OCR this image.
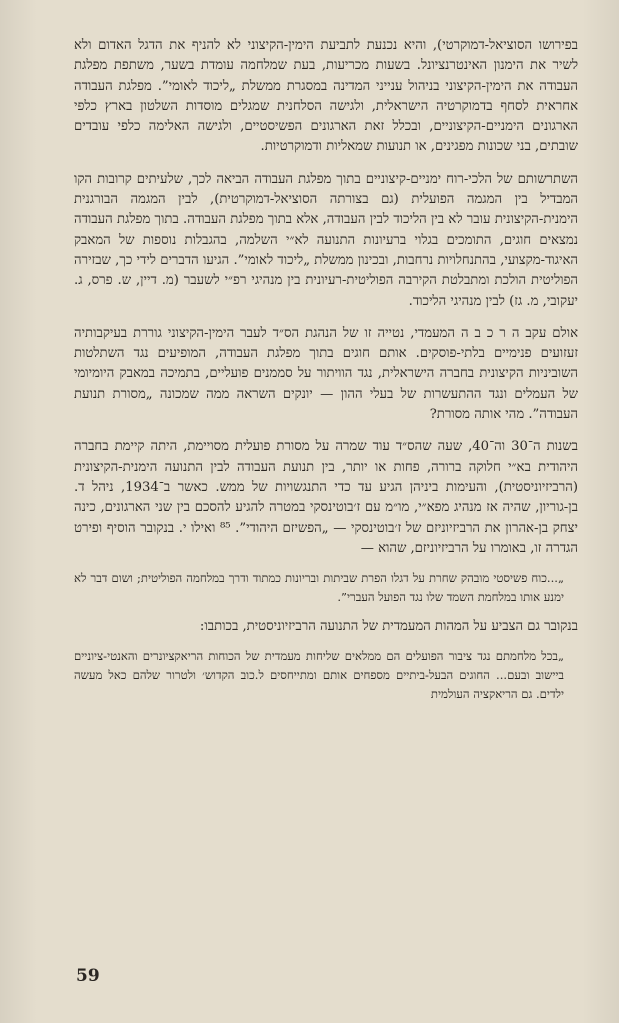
בפירושו הסוציאל-דמוקרטי), והיא נכנעת לתביעת הימין-הקיצוני לא להניף את הדגל האדום ולא לשיר את הימנון האינטרנציונל. בשעות מכריעות, בעת שמלחמה עומדת בשער, משתפת מפלגת העבודה את הימין-הקיצוני בניהול ענייני המדינה במסגרת ממשלת „ליכוד לאומי”. מפלגת העבודה אחראית לסחף בדמוקרטיה הישראלית, ולגישה הסלחנית שמגלים מוסדות השלטון בארץ כלפי הארגונים הימניים-הקיצוניים, ובכלל זאת הארגונים הפשיסטיים, ולגישה האלימה כלפי עובדים שובתים, בני שכונות מפגינים, או תנועות שמאליות ודמוקרטיות.

השתרשותם של הלכי-רוח ימניים-קיצוניים בתוך מפלגת העבודה הביאה לכך, שלעיתים קרובות הקו המבדיל בין המגמה הפועלית (גם בצורתה הסוציאל-דמוקרטית), לבין המגמה הבורגנית הימנית-הקיצונית עובר לא בין הליכוד לבין העבודה, אלא בתוך מפלגת העבודה. בתוך מפלגת העבודה נמצאים חוגים, התומכים בגלוי ברעיונות התנועה לא״י השלמה, בהגבלות נוספות של המאבק האיגוד-מקצועי, בהתנחלויות נרחבות, ובכינון ממשלת „ליכוד לאומי”. הגיעו הדברים לידי כך, שבזירה הפוליטית הולכת ומתבלטת הקירבה הפוליטית-רעיונית בין מנהיגי רפ״י לשעבר (מ. דיין, ש. פרס, ג. יעקובי, מ. גז) לבין מנהיגי הליכוד.

אולם עקב ה ר כ ב ה המעמדי, נטייה זו של הנהגת הס״ד לעבר הימין-הקיצוני גוררת בעיקבותיה זעזועים פנימיים בלתי-פוסקים. אותם חוגים בתוך מפלגת העבודה, המופיעים נגד השתלטות השוביניות הקיצונית בחברה הישראלית, נגד הוויתור על סממנים פועליים, בתמיכה במאבק היומיומי של העמלים ונגד ההתעשרות של בעלי ההון — יונקים השראה ממה שמכונה „מסורת תנועת העבודה”. מהי אותה מסורת?

בשנות ה־30 וה־40, שעה שהס״ד עוד שמרה על מסורת פועלית מסויימת, היתה קיימת בחברה היהודית בא״י חלוקה ברורה, פחות או יותר, בין תנועת העבודה לבין התנועה הימנית-הקיצונית (הרביזיוניסטית), והעימות ביניהן הגיע עד כדי התנגשויות של ממש. כאשר ב־1934, ניהל ד. בן-גוריון, שהיה אז מנהיג מפא״י, מו״מ עם ז׳בוטינסקי במטרה להגיע להסכם בין שני הארגונים, כינה יצחק בן-אהרון את הרביזיוניזם של ז׳בוטינסקי — „הפשיזם היהודי”. ⁸⁵ ואילו י. בנקובר הוסיף ופירט הגדרה זו, באומרו על הרביזיוניזם, שהוא —

„...כוח פשיסטי מובהק שחרת על דגלו הפרת שביתות ובריונות כמתוד ודרך במלחמה הפוליטית; ושום דבר לא ימנע אותו במלחמת השמד שלו נגד הפועל העברי”.

בנקובר גם הצביע על המהות המעמדית של התנועה הרביזיוניסטית, בכותבו:

„בכל מלחמתם נגד ציבור הפועלים הם ממלאים שליחות מעמדית של הכוחות הריאקציונרים והאנטי-ציוניים ביישוב ובעם... החוגים הבעל-ביתיים מספחים אותם ומתייחסים ל.כוב הקדוש׳ ולטרור שלהם כאל מעשה ילדים. גם הריאקציה העולמית

59
